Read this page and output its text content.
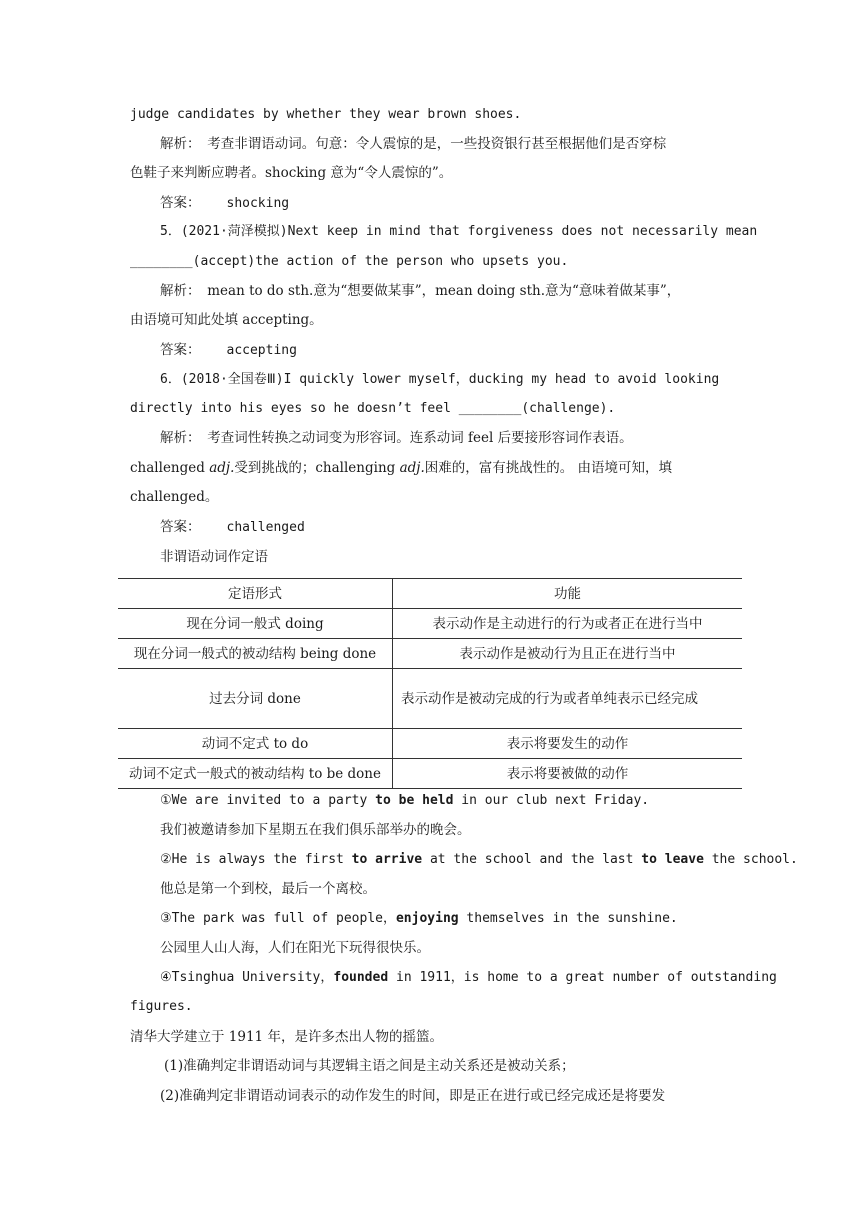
judge candidates by whether they wear brown shoes.
解析：　考查非谓语动词。句意：令人震惊的是，一些投资银行甚至根据他们是否穿棕
色鞋子来判断应聘者。shocking 意为“令人震惊的”。
答案： shocking
5．(2021·菏泽模拟)Next keep in mind that forgiveness does not necessarily mean
________(accept)the action of the person who upsets you.
解析：　mean to do sth.意为“想要做某事”，mean doing sth.意为“意味着做某事”，
由语境可知此处填 accepting。
答案： accepting
6．(2018·全国卷Ⅲ)I quickly lower myself，ducking my head to avoid looking
directly into his eyes so he doesn’t feel ________(challenge).
解析：　考查词性转换之动词变为形容词。连系动词 feel 后要接形容词作表语。
challenged adj.受到挑战的；challenging adj.困难的，富有挑战性的。 由语境可知，填
challenged。
答案： challenged
非谓语动词作定语
定语形式	功能
现在分词一般式 doing	表示动作是主动进行的行为或者正在进行当中
现在分词一般式的被动结构 being done	表示动作是被动行为且正在进行当中
过去分词 done	表示动作是被动完成的行为或者单纯表示已经完成
动词不定式 to do	表示将要发生的动作
动词不定式一般式的被动结构 to be done	表示将要被做的动作
①We are invited to a party to be held in our club next Friday.
我们被邀请参加下星期五在我们俱乐部举办的晚会。
②He is always the first to arrive at the school and the last to leave the school.
他总是第一个到校，最后一个离校。
③The park was full of people，enjoying themselves in the sunshine.
公园里人山人海，人们在阳光下玩得很快乐。
④Tsinghua University，founded in 1911，is home to a great number of outstanding
figures.
清华大学建立于 1911 年，是许多杰出人物的摇篮。
(1)准确判定非谓语动词与其逻辑主语之间是主动关系还是被动关系；
(2)准确判定非谓语动词表示的动作发生的时间，即是正在进行或已经完成还是将要发
